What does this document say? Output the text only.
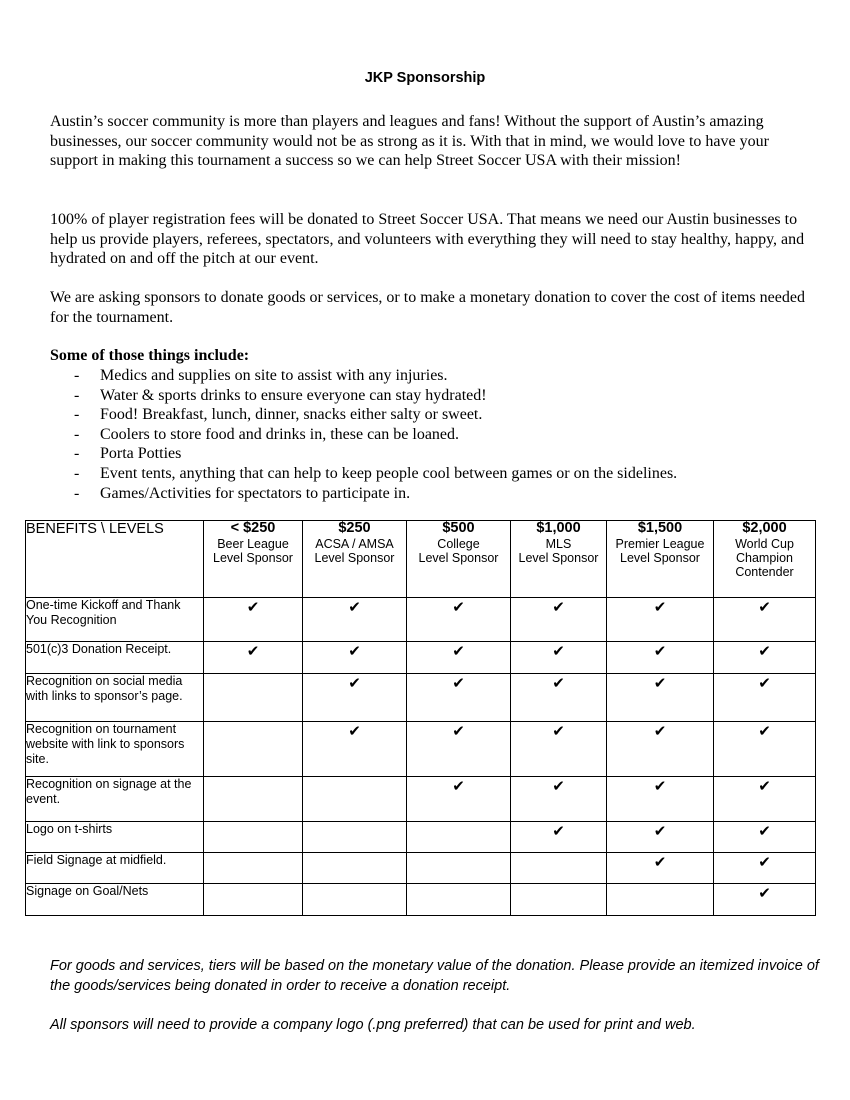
JKP Sponsorship

Austin’s soccer community is more than players and leagues and fans! Without the support of Austin’s amazing businesses, our soccer community would not be as strong as it is. With that in mind, we would love to have your support in making this tournament a success so we can help Street Soccer USA with their mission!

100% of player registration fees will be donated to Street Soccer USA. That means we need our Austin businesses to help us provide players, referees, spectators, and volunteers with everything they will need to stay healthy, happy, and hydrated on and off the pitch at our event.

We are asking sponsors to donate goods or services, or to make a monetary donation to cover the cost of items needed for the tournament.

Some of those things include:
- Medics and supplies on site to assist with any injuries.
- Water & sports drinks to ensure everyone can stay hydrated!
- Food! Breakfast, lunch, dinner, snacks either salty or sweet.
- Coolers to store food and drinks in, these can be loaned.
- Porta Potties
- Event tents, anything that can help to keep people cool between games or on the sidelines.
- Games/Activities for spectators to participate in.
BENEFITS \ LEVELS	< $250
Beer League
Level Sponsor	$250
ACSA / AMSA
Level Sponsor	$500
College
Level Sponsor	$1,000
MLS
Level Sponsor	$1,500
Premier League
Level Sponsor	$2,000
World Cup
Champion
Contender

One-time Kickoff and Thank You Recognition	✔	✔	✔	✔	✔	✔
501(c)3 Donation Receipt.	✔	✔	✔	✔	✔	✔
Recognition on social media with links to sponsor’s page.		✔	✔	✔	✔	✔
Recognition on tournament website with link to sponsors site.		✔	✔	✔	✔	✔
Recognition on signage at the event.			✔	✔	✔	✔
Logo on t-shirts				✔	✔	✔
Field Signage at midfield.					✔	✔
Signage on Goal/Nets						✔

For goods and services, tiers will be based on the monetary value of the donation. Please provide an itemized invoice of the goods/services being donated in order to receive a donation receipt.

All sponsors will need to provide a company logo (.png preferred) that can be used for print and web.
